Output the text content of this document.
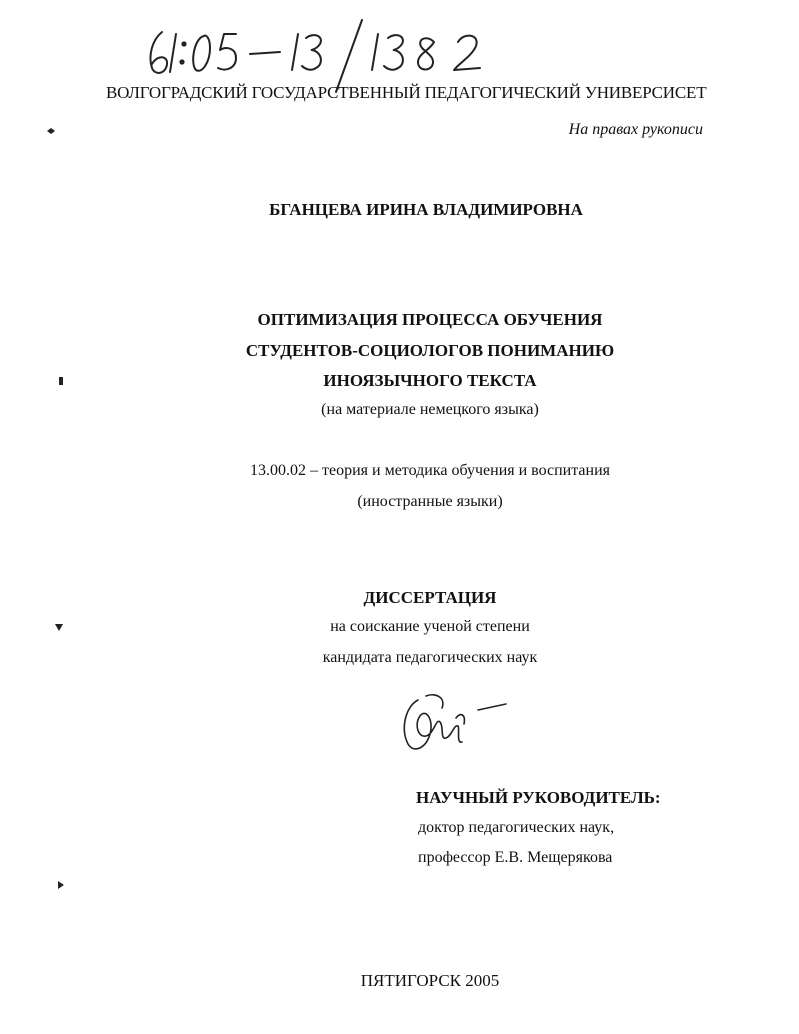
ВОЛГОГРАДСКИЙ ГОСУДАРСТВЕННЫЙ ПЕДАГОГИЧЕСКИЙ УНИВЕРСИСЕТ
На правах рукописи
БГАНЦЕВА ИРИНА ВЛАДИМИРОВНА
ОПТИМИЗАЦИЯ ПРОЦЕССА ОБУЧЕНИЯ
СТУДЕНТОВ-СОЦИОЛОГОВ ПОНИМАНИЮ
ИНОЯЗЫЧНОГО ТЕКСТА
(на материале немецкого языка)
13.00.02 – теория и методика обучения и воспитания
(иностранные языки)
ДИССЕРТАЦИЯ
на соискание ученой степени
кандидата педагогических наук
НАУЧНЫЙ РУКОВОДИТЕЛЬ:
доктор педагогических наук,
профессор Е.В. Мещерякова
ПЯТИГОРСК 2005
